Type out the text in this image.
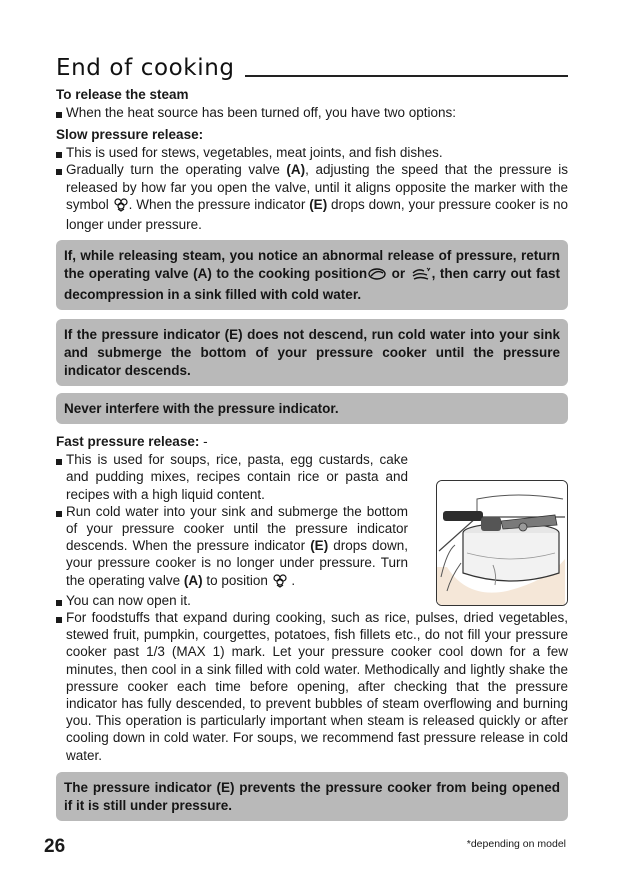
End of cooking
To release the steam

When the heat source has been turned off, you have two options:

Slow pressure release:

This is used for stews, vegetables, meat joints, and fish dishes.

Gradually turn the operating valve (A), adjusting the speed that the pressure is released by how far you open the valve, until it aligns opposite the marker with the symbol . When the pressure indicator (E) drops down, your pressure cooker is no longer under pressure.

If, while releasing steam, you notice an abnormal release of pressure, return the operating valve (A) to the cooking position or , then carry out fast decompression in a sink filled with cold water.
If the pressure indicator (E) does not descend, run cold water into your sink and submerge the bottom of your pressure cooker until the pressure indicator descends.
Never interfere with the pressure indicator.
Fast pressure release: -

This is used for soups, rice, pasta, egg custards, cake and pudding mixes, recipes contain rice or pasta and recipes with a high liquid content.

Run cold water into your sink and submerge the bottom of your pressure cooker until the pressure indicator descends. When the pressure indicator (E) drops down, your pressure cooker is no longer under pressure. Turn the operating valve (A) to position  .

You can now open it.

For foodstuffs that expand during cooking, such as rice, pulses, dried vegetables, stewed fruit, pumpkin, courgettes, potatoes, fish fillets etc., do not fill your pressure cooker past 1/3 (MAX 1) mark. Let your pressure cooker cool down for a few minutes, then cool in a sink filled with cold water. Methodically and lightly shake the pressure cooker each time before opening, after checking that the pressure indicator has fully descended, to prevent bubbles of steam overflowing and burning you. This operation is particularly important when steam is released quickly or after cooling down in cold water. For soups, we recommend fast pressure release in cold water.

The pressure indicator (E) prevents the pressure cooker from being opened if it is still under pressure.
26	*depending on model
